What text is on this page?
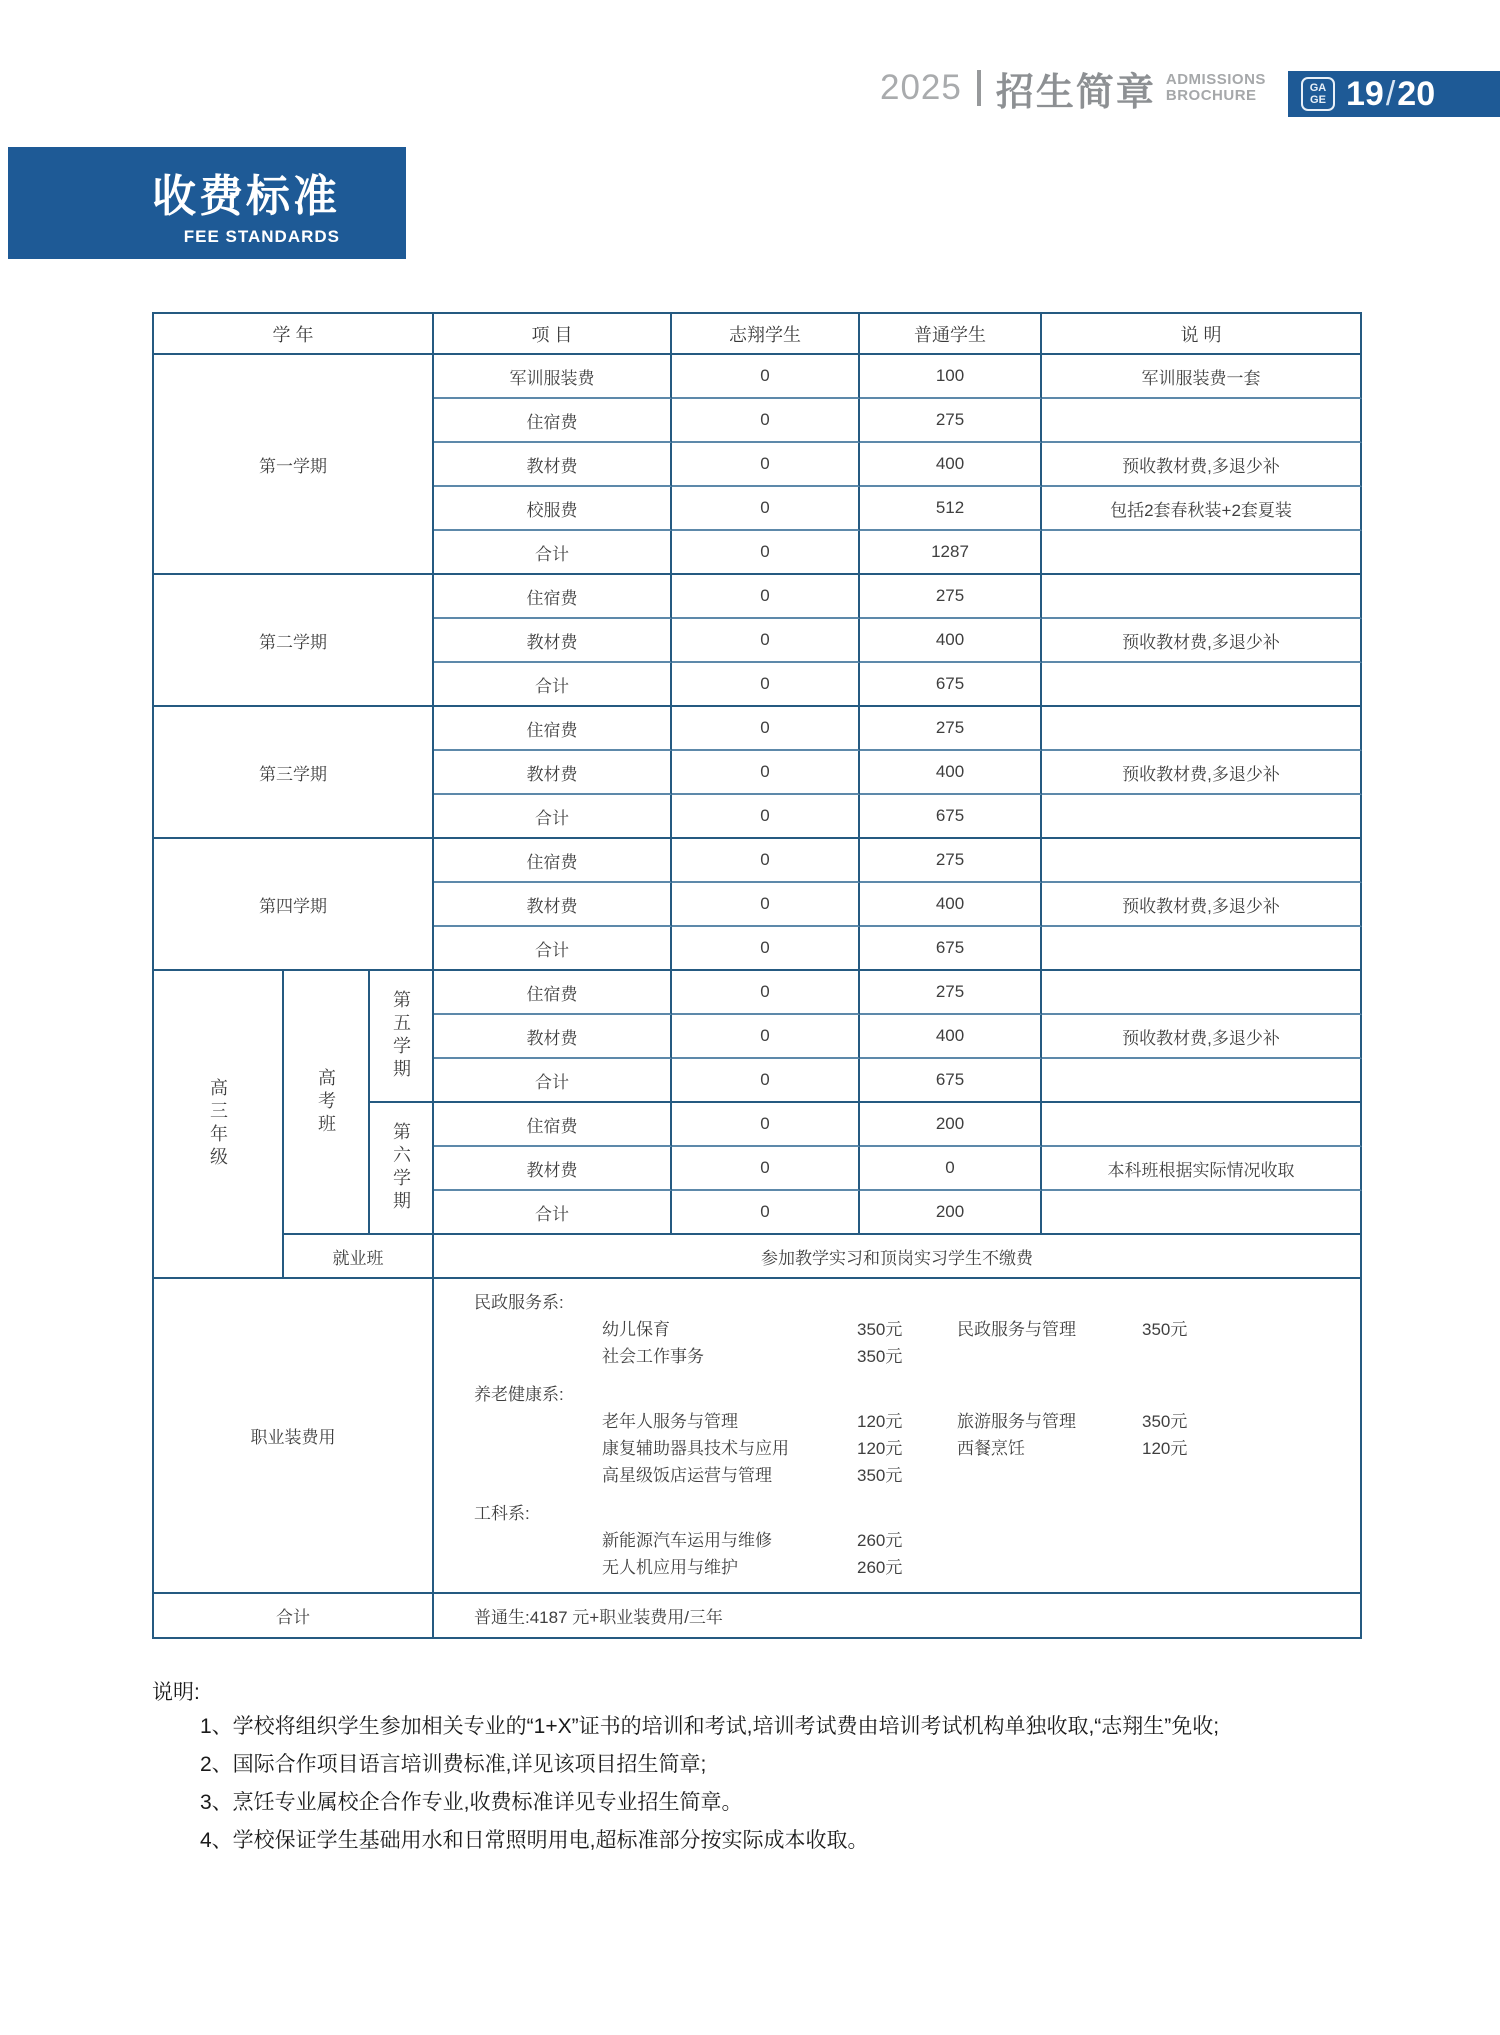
2025 招生简章 ADMISSIONS
BROCHURE	GA
GE 19 / 20
收费标准
FEE STANDARDS
学 年	项 目	志翔学生	普通学生	说 明
第一学期
军训服装费	0	100	军训服装费一套
住宿费	0	275
教材费	0	400	预收教材费,多退少补
校服费	0	512	包括2套春秋装+2套夏装
合计	0	1287
第二学期
住宿费	0	275
教材费	0	400	预收教材费,多退少补
合计	0	675
第三学期
住宿费	0	275
教材费	0	400	预收教材费,多退少补
合计	0	675
第四学期
住宿费	0	275
教材费	0	400	预收教材费,多退少补
合计	0	675
高三年级	高考班
第五学期	住宿费	0	275
教材费	0	400	预收教材费,多退少补
合计	0	675
第六学期	住宿费	0	200
教材费	0	0	本科班根据实际情况收取
合计	0	200
就业班	参加教学实习和顶岗实习学生不缴费
职业装费用
民政服务系:
幼儿保育	350元	民政服务与管理	350元
社会工作事务	350元
养老健康系:
老年人服务与管理	120元	旅游服务与管理	350元
康复辅助器具技术与应用	120元	西餐烹饪	120元
高星级饭店运营与管理	350元
工科系:
新能源汽车运用与维修	260元
无人机应用与维护	260元
合计	普通生:4187 元+职业装费用/三年
说明:
1、学校将组织学生参加相关专业的“1+X”证书的培训和考试,培训考试费由培训考试机构单独收取,“志翔生”免收;
2、国际合作项目语言培训费标准,详见该项目招生简章;
3、烹饪专业属校企合作专业,收费标准详见专业招生简章。
4、学校保证学生基础用水和日常照明用电,超标准部分按实际成本收取。
